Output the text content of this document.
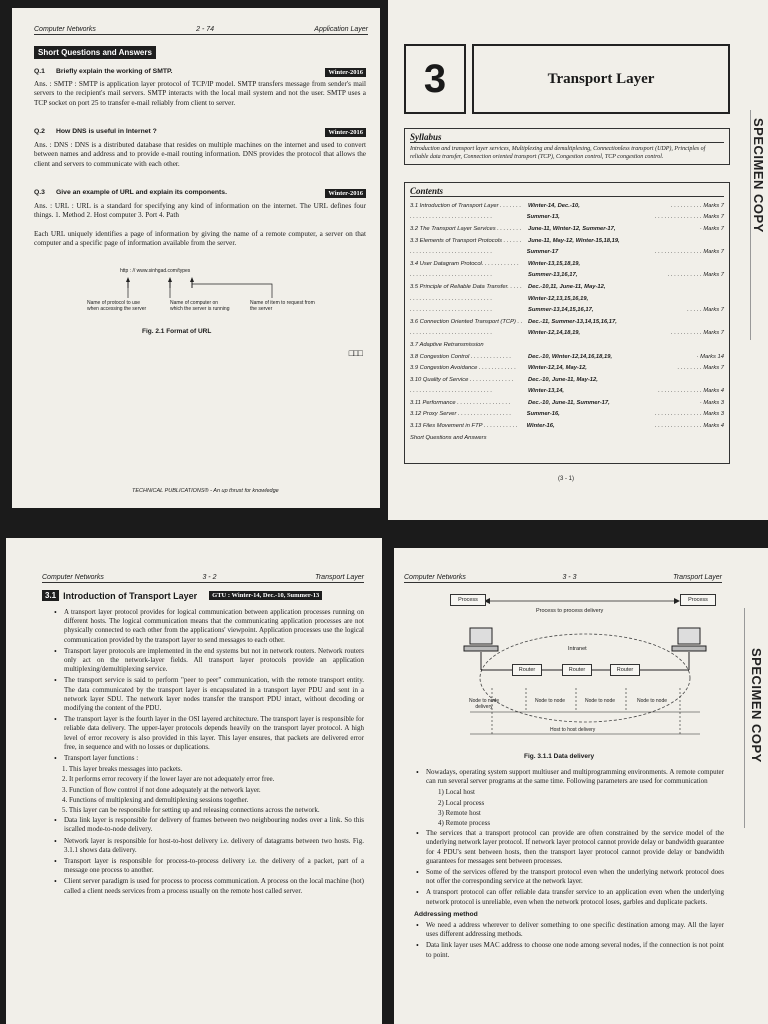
Computer Networks	2 - 74	Application Layer
Short Questions and Answers
Q.1	Briefly explain the working of SMTP.	Winter-2016
Ans. : SMTP : SMTP is application layer protocol of TCP/IP model. SMTP transfers message from sender's mail servers to the recipient's mail servers. SMTP interacts with the local mail system and not the user. SMTP uses a TCP socket on port 25 to transfer e-mail reliably from client to server.
Q.2	How DNS is useful in Internet ?	Winter-2016
Ans. : DNS : DNS is a distributed database that resides on multiple machines on the internet and used to convert between names and address and to provide e-mail routing information. DNS provides the protocol that allows the client and servers to communicate with each other.
Q.3	Give an example of URL and explain its components.	Winter-2016
Ans. : URL : URL is a standard for specifying any kind of information on the internet. The URL defines four things. 1. Method 2. Host computer 3. Port 4. Path
Each URL uniquely identifies a page of information by giving the name of a remote computer, a server on that computer and a specific page of information available from the server.
http : // www.sinhgad.com/types
Name of protocol to use when accessing the server
Name of computer on which the server is running
Name of item to request from the server
Fig. 2.1 Format of URL
□□□
TECHNICAL PUBLICATIONS® - An up thrust for knowledge
3	Transport Layer
Syllabus
Introduction and transport layer services, Multiplexing and demultiplexing, Connectionless transport (UDP), Principles of reliable data transfer, Connection oriented transport (TCP), Congestion control, TCP congestion control.
Contents
3.1 Introduction of Transport Layer . . . . . . .	Winter-14, Dec.-10,	. . . . . . . . . . Marks 7
. . . . . . . . . . . . . . . . . . . . . . . . . .	Summer-13,	. . . . . . . . . . . . . . . Marks 7
3.2 The Transport Layer Services . . . . . . . .	June-11, Winter-12, Summer-17,	· Marks 7
3.3 Elements of Transport Protocols . . . . . .	June-11, May-12, Winter-15,18,19,
. . . . . . . . . . . . . . . . . . . . . . . . . .	Summer-17	. . . . . . . . . . . . . . . Marks 7
3.4 User Datagram Protocol. . . . . . . . . . . .	Winter-13,15,18,19,
. . . . . . . . . . . . . . . . . . . . . . . . . .	Summer-13,16,17,	. . . . . . . . . . . Marks 7
3.5 Principle of Reliable Data Transfer. . . . .	Dec.-10,11, June-11, May-12,
. . . . . . . . . . . . . . . . . . . . . . . . . .	Winter-12,13,15,16,19,
. . . . . . . . . . . . . . . . . . . . . . . . . .	Summer-13,14,15,16,17,	. . . . . Marks 7
3.6 Connection Oriented Transport (TCP) . . Dec.-11, Summer-13,14,15,16,17,
. . . . . . . . . . . . . . . . . . . . . . . . . .	Winter-12,14,18,19,	. . . . . . . . . . Marks 7
3.7 Adaptive Retransmission
3.8 Congestion Control . . . . . . . . . . . . .	Dec.-10, Winter-12,14,16,18,19,	· Marks 14
3.9 Congestion Avoidance . . . . . . . . . . . .	Winter-12,14, May-12,	. . . . . . . . Marks 7
3.10 Quality of Service . . . . . . . . . . . . . .	Dec.-10, June-11, May-12,
. . . . . . . . . . . . . . . . . . . . . . . . . .	Winter-13,14,	. . . . . . . . . . . . . . Marks 4
3.11 Performance . . . . . . . . . . . . . . . . .	Dec.-10, June-11, Summer-17,	· Marks 3
3.12 Proxy Server . . . . . . . . . . . . . . . . .	Summer-16,	. . . . . . . . . . . . . . . Marks 3
3.13 Files Movement in FTP . . . . . . . . . . .	Winter-16,	. . . . . . . . . . . . . . . Marks 4
Short Questions and Answers
(3 - 1)
SPECIMEN COPY
Computer Networks	3 - 2	Transport Layer
3.1 Introduction of Transport Layer	GTU : Winter-14, Dec.-10, Summer-13
• A transport layer protocol provides for logical communication between application processes running on different hosts. The logical communication means that the communicating application processes are not physically connected to each other from the applications' viewpoint. Application processes use the logical communication provided by the transport layer to send messages to each other.
• Transport layer protocols are implemented in the end systems but not in network routers. Network routers only act on the network-layer fields. All transport layer protocols provide an application multiplexing/demultiplexing service.
• The transport service is said to perform "peer to peer" communication, with the remote transport entity. The data communicated by the transport layer is encapsulated in a transport layer PDU and sent in a network layer SDU. The network layer nodes transfer the transport PDU intact, without decoding or modifying the content of the PDU.
• The transport layer is the fourth layer in the OSI layered architecture. The transport layer is responsible for reliable data delivery. The upper-layer protocols depends heavily on the transport layer protocol. A high level of error recovery is also provided in this layer. This layer ensures, that packets are delivered error free, in sequence and with no losses or duplications.
• Transport layer functions :
1. This layer breaks messages into packets.
2. It performs error recovery if the lower layer are not adequately error free.
3. Function of flow control if not done adequately at the network layer.
4. Functions of multiplexing and demultiplexing sessions together.
5. This layer can be responsible for setting up and releasing connections across the network.
• Data link layer is responsible for delivery of frames between two neighbouring nodes over a link. So this iscalled mode-to-node delivery.
• Network layer is responsible for host-to-host delivery i.e. delivery of datagrams between two hosts. Fig. 3.1.1 shows data delivery.
• Transport layer is responsible for process-to-process delivery i.e. the delivery of a packet, part of a message one process to another.
• Client server paradigm is used for process to process communication. A process on the local machine (hot) called a client needs services from a process usually on the remote host called server.
Computer Networks	3 - 3	Transport Layer
Process	Process
Process to process delivery
Intranet
Router	Router	Router
Node to node delivery
Node to node	Node to node	Node to node
Host to host delivery
Fig. 3.1.1 Data delivery
• Nowadays, operating system support multiuser and multiprogramming environments. A remote computer can run several server programs at the same time. Following parameters are used for communication
1) Local host
2) Local process
3) Remote host
4) Remote process
• The services that a transport protocol can provide are often constrained by the service model of the underlying network layer protocol. If network layer protocol cannot provide delay or bandwidth guarantee for 4 PDU's sent between hosts, then the transport layer protocol cannot provide delay or bandwidth guarantees for messages sent between processes.
• Some of the services offered by the transport protocol even when the underlying network protocol does not offer the corresponding service at the network layer.
• A transport protocol can offer reliable data transfer service to an application even when the underlying network protocol is unreliable, even when the network protocol loses, garbles and duplicate packets.
Addressing method
• We need a address wherever to deliver something to one specific destination among may. All the layer uses different addressing methods.
• Data link layer uses MAC address to choose one node among several nodes, if the connection is not point to point.
SPECIMEN COPY
